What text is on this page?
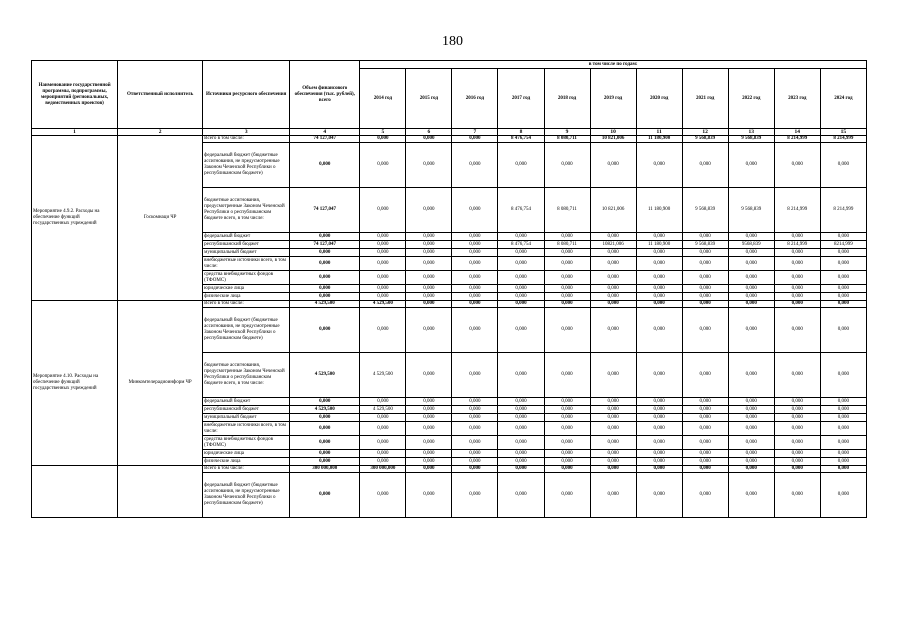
180
Наименование государственной программы, подпрограммы, мероприятий (региональных, ведомственных проектов)	Ответственный исполнитель	Источники ресурсного обеспечения	Объем финансового обеспечения (тыс. рублей), всего	в том числе по годам:										
				2014 год	2015 год	2016 год	2017 год	2018 год	2019 год	2020 год	2021 год	2022 год	2023 год	2024 год
1	2	3	4	5	6	7	8	9	10	11	12	13	14	15
Мероприятие 4.9.2. Расходы на обеспечение функций государственных учреждений	Госкомнаци ЧР	Всего в том числе:	74 127,047	0,000	0,000	0,000	8 476,754	8 080,711	10 821,006	11 180,900	9 568,839	9 568,839	8 214,999	8 214,999
		федеральный бюджет (бюджетные ассигнования, не предусмотренные Законом Чеченской Республики о республиканском бюджете)	0,000	0,000	0,000	0,000	0,000	0,000	0,000	0,000	0,000	0,000	0,000	0,000
		бюджетные ассигнования, предусмотренные Законом Чеченской Республики о республиканском бюджете всего, в том числе:	74 127,047	0,000	0,000	0,000	8 476,754	8 080,711	10 821,006	11 180,900	9 568,839	9 568,839	8 214,999	8 214,999
		федеральный бюджет	0,000	0,000	0,000	0,000	0,000	0,000	0,000	0,000	0,000	0,000	0,000	0,000
		республиканский бюджет	74 127,047	0,000	0,000	0,000	8 476,754	8 080,711	10821,006	11 180,900	9 568,839	9568,839	8 214,999	8214,999
		муниципальный бюджет	0,000	0,000	0,000	0,000	0,000	0,000	0,000	0,000	0,000	0,000	0,000	0,000
		внебюджетные источники всего, в том числе:	0,000	0,000	0,000	0,000	0,000	0,000	0,000	0,000	0,000	0,000	0,000	0,000
		средства внебюджетных фондов (ТФОМС)	0,000	0,000	0,000	0,000	0,000	0,000	0,000	0,000	0,000	0,000	0,000	0,000
		юридические лица	0,000	0,000	0,000	0,000	0,000	0,000	0,000	0,000	0,000	0,000	0,000	0,000
		физические лица	0,000	0,000	0,000	0,000	0,000	0,000	0,000	0,000	0,000	0,000	0,000	0,000
Мероприятие 4.10. Расходы на обеспечение функций государственных учреждений	Минкомтелерадиоинформ ЧР	Всего в том числе:	4 529,500	4 529,500	0,000	0,000	0,000	0,000	0,000	0,000	0,000	0,000	0,000	0,000
		федеральный бюджет (бюджетные ассигнования, не предусмотренные Законом Чеченской Республики о республиканском бюджете)	0,000	0,000	0,000	0,000	0,000	0,000	0,000	0,000	0,000	0,000	0,000	0,000
		бюджетные ассигнования, предусмотренные Законом Чеченской Республики о республиканском бюджете всего, в том числе:	4 529,500	4 529,500	0,000	0,000	0,000	0,000	0,000	0,000	0,000	0,000	0,000	0,000
		федеральный бюджет	0,000	0,000	0,000	0,000	0,000	0,000	0,000	0,000	0,000	0,000	0,000	0,000
		республиканский бюджет	4 529,500	4 529,500	0,000	0,000	0,000	0,000	0,000	0,000	0,000	0,000	0,000	0,000
		муниципальный бюджет	0,000	0,000	0,000	0,000	0,000	0,000	0,000	0,000	0,000	0,000	0,000	0,000
		внебюджетные источники всего, в том числе:	0,000	0,000	0,000	0,000	0,000	0,000	0,000	0,000	0,000	0,000	0,000	0,000
		средства внебюджетных фондов (ТФОМС)	0,000	0,000	0,000	0,000	0,000	0,000	0,000	0,000	0,000	0,000	0,000	0,000
		юридические лица	0,000	0,000	0,000	0,000	0,000	0,000	0,000	0,000	0,000	0,000	0,000	0,000
		физические лица	0,000	0,000	0,000	0,000	0,000	0,000	0,000	0,000	0,000	0,000	0,000	0,000
		Всего в том числе:	300 000,000	300 000,000	0,000	0,000	0,000	0,000	0,000	0,000	0,000	0,000	0,000	0,000
		федеральный бюджет (бюджетные ассигнования, не предусмотренные Законом Чеченской Республики о республиканском бюджете)	0,000	0,000	0,000	0,000	0,000	0,000	0,000	0,000	0,000	0,000	0,000	0,000
